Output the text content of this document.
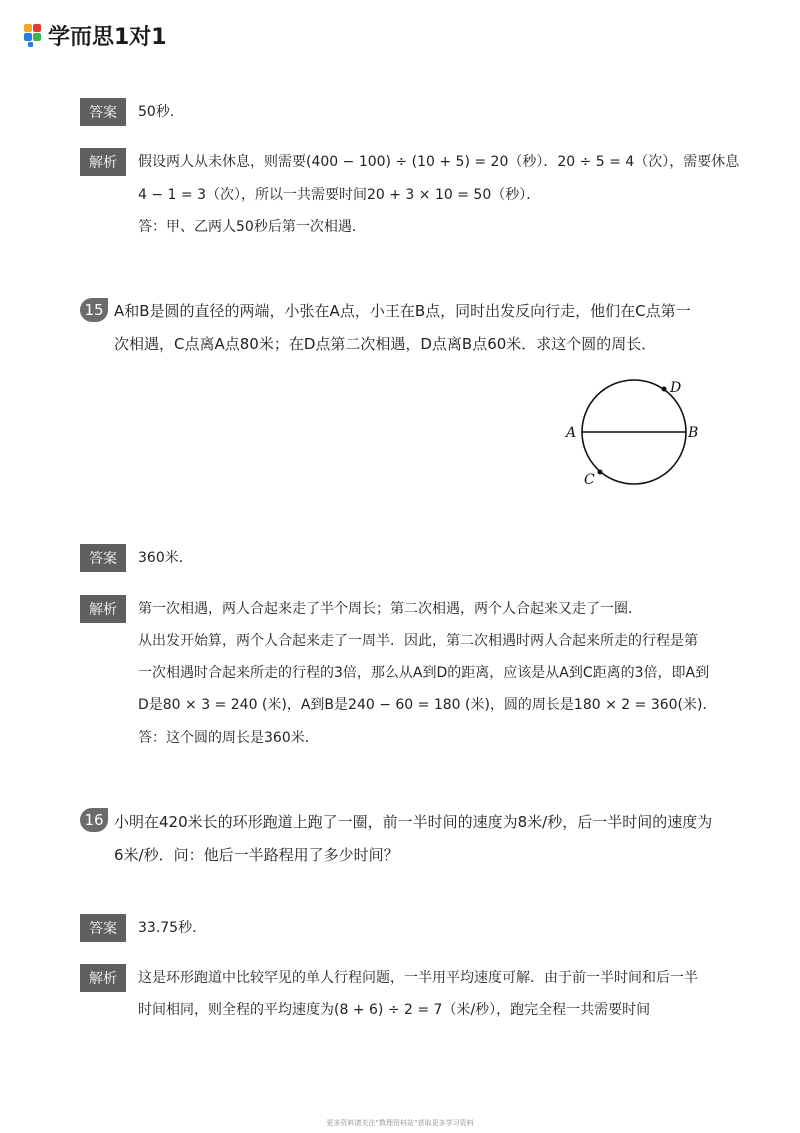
学而思1对1
答案	50秒．
解析	假设两人从未休息，则需要(400 − 100) ÷ (10 + 5) = 20（秒）．20 ÷ 5 = 4（次），需要休息
4 − 1 = 3（次），所以一共需要时间20 + 3 × 10 = 50（秒）．
答：甲、乙两人50秒后第一次相遇．
15 A和B是圆的直径的两端，小张在A点，小王在B点，同时出发反向行走，他们在C点第一
次相遇，C点离A点80米；在D点第二次相遇，D点离B点60米．求这个圆的周长．
A	B
D
C
答案	360米．
解析	第一次相遇，两人合起来走了半个周长；第二次相遇，两个人合起来又走了一圈．
从出发开始算，两个人合起来走了一周半．因此，第二次相遇时两人合起来所走的行程是第
一次相遇时合起来所走的行程的3倍，那么从A到D的距离，应该是从A到C距离的3倍，即A到
D是80 × 3 = 240 (米)，A到B是240 − 60 = 180 (米)，圆的周长是180 × 2 = 360(米)．
答：这个圆的周长是360米．
16 小明在420米长的环形跑道上跑了一圈，前一半时间的速度为8米/秒，后一半时间的速度为
6米/秒．问：他后一半路程用了多少时间？
答案	33.75秒．
解析	这是环形跑道中比较罕见的单人行程问题，一半用平均速度可解．由于前一半时间和后一半
时间相同，则全程的平均速度为(8 + 6) ÷ 2 = 7（米/秒），跑完全程一共需要时间
更多资料请关注“数理资料站”获取更多学习资料
